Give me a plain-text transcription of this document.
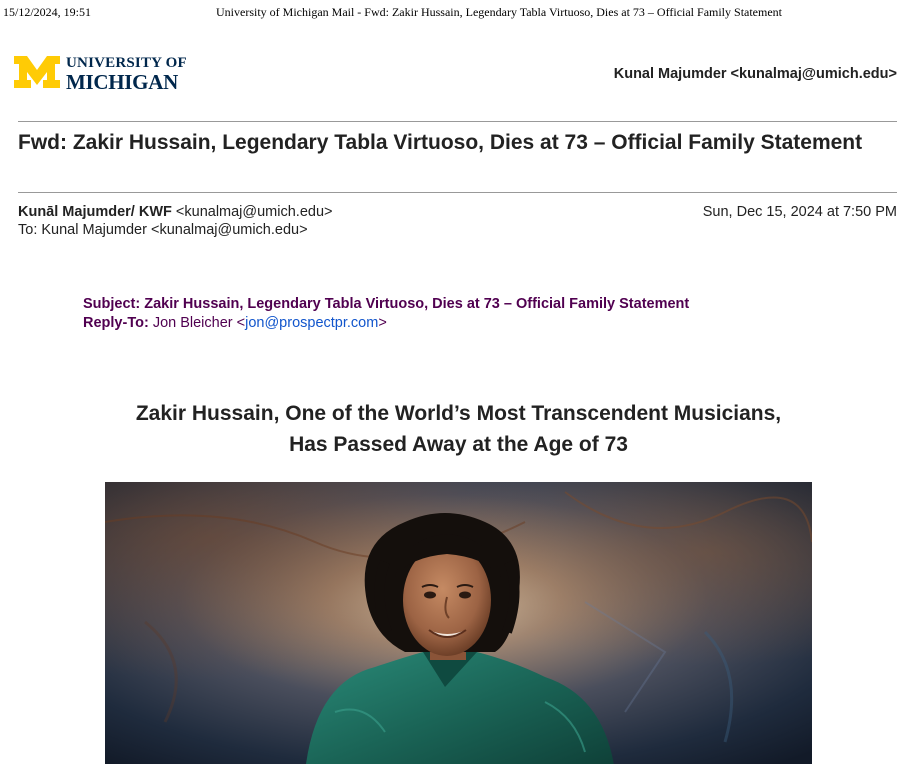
15/12/2024, 19:51	University of Michigan Mail - Fwd: Zakir Hussain, Legendary Tabla Virtuoso, Dies at 73 – Official Family Statement
UNIVERSITY OF
MICHIGAN	Kunal Majumder <kunalmaj@umich.edu>
Fwd: Zakir Hussain, Legendary Tabla Virtuoso, Dies at 73 – Official Family Statement
Kunāl Majumder/ KWF <kunalmaj@umich.edu>
To: Kunal Majumder <kunalmaj@umich.edu>
Sun, Dec 15, 2024 at 7:50 PM
Subject: Zakir Hussain, Legendary Tabla Virtuoso, Dies at 73 – Official Family Statement
Reply-To: Jon Bleicher <jon@prospectpr.com>
Zakir Hussain, One of the World’s Most Transcendent Musicians,
Has Passed Away at the Age of 73
